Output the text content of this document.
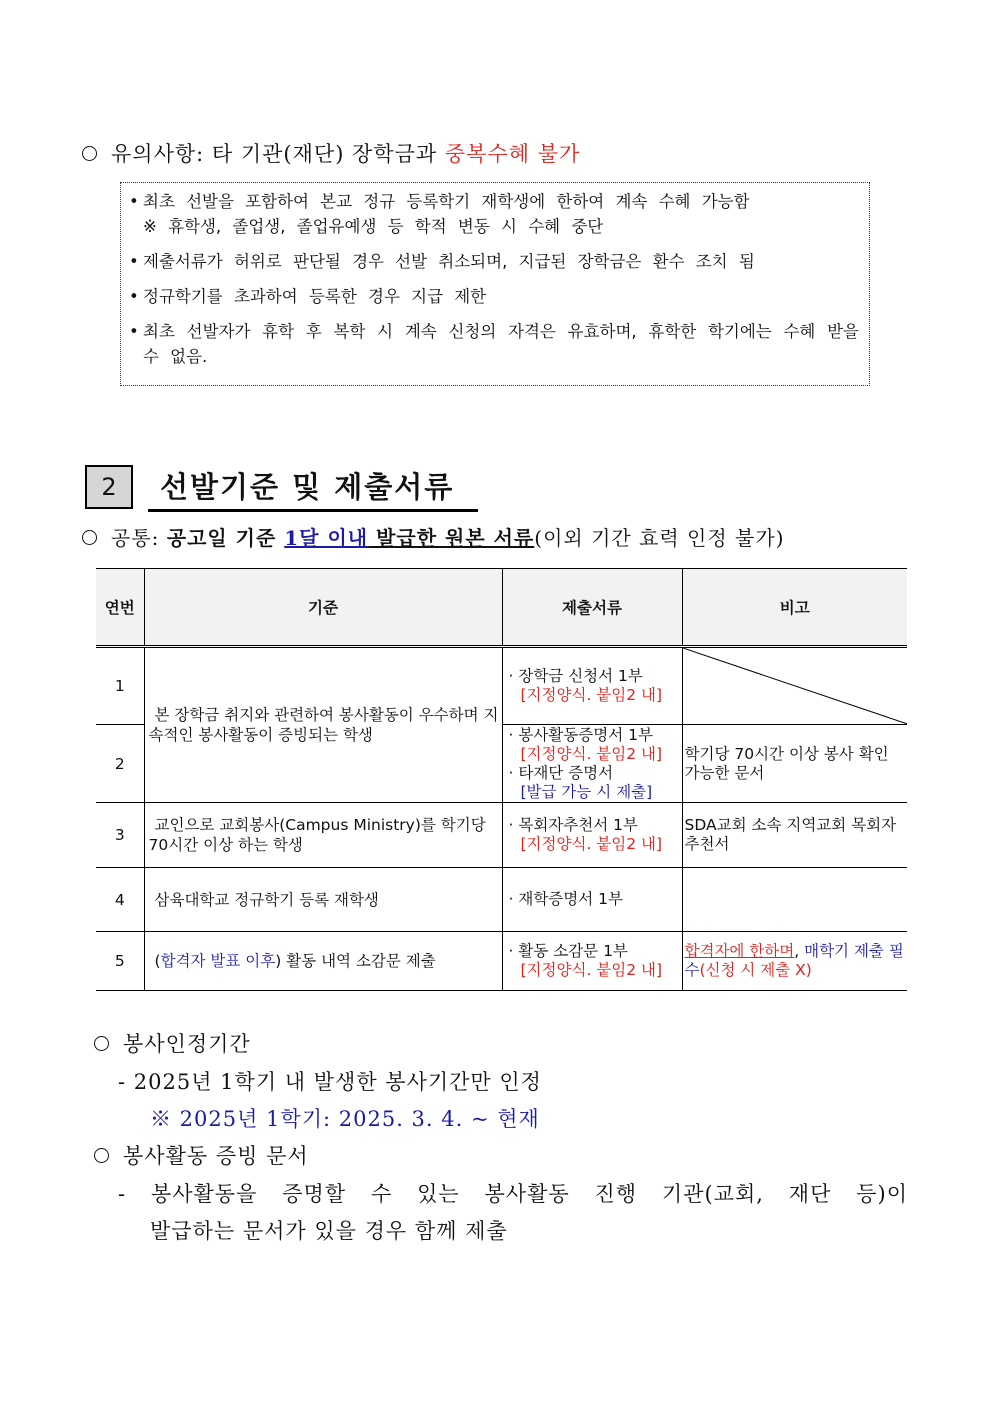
유의사항: 타 기관(재단) 장학금과 중복수혜 불가
• 최초 선발을 포함하여 본교 정규 등록학기 재학생에 한하여 계속 수혜 가능함
※ 휴학생, 졸업생, 졸업유예생 등 학적 변동 시 수혜 중단
• 제출서류가 허위로 판단될 경우 선발 취소되며, 지급된 장학금은 환수 조치 됨
• 정규학기를 초과하여 등록한 경우 지급 제한
• 최초 선발자가 휴학 후 복학 시 계속 신청의 자격은 유효하며, 휴학한 학기에는 수혜 받을 수 없음.
2	선발기준 및 제출서류
공통: 공고일 기준 1달 이내 발급한 원본 서류(이외 기간 효력 인정 불가)
연번	기준	제출서류	비고
1	본 장학금 취지와 관련하여 봉사활동이 우수하며 지속적인 봉사활동이 증빙되는 학생	· 장학금 신청서 1부
[지정양식. 붙임2 내]

2		· 봉사활동증명서 1부
[지정양식. 붙임2 내]
· 타재단 증명서
[발급 가능 시 제출]	학기당 70시간 이상 봉사 확인 가능한 문서
3	교인으로 교회봉사(Campus Ministry)를 학기당 70시간 이상 하는 학생	· 목회자추천서 1부
[지정양식. 붙임2 내]	SDA교회 소속 지역교회 목회자 추천서
4	삼육대학교 정규학기 등록 재학생	· 재학증명서 1부	
5	(합격자 발표 이후) 활동 내역 소감문 제출	· 활동 소감문 1부
[지정양식. 붙임2 내]	합격자에 한하며, 매학기 제출 필수(신청 시 제출 X)
봉사인정기간
- 2025년 1학기 내 발생한 봉사기간만 인정
※ 2025년 1학기: 2025. 3. 4. ~ 현재
봉사활동 증빙 문서
- 봉사활동을 증명할 수 있는 봉사활동 진행 기관(교회, 재단 등)이
발급하는 문서가 있을 경우 함께 제출
